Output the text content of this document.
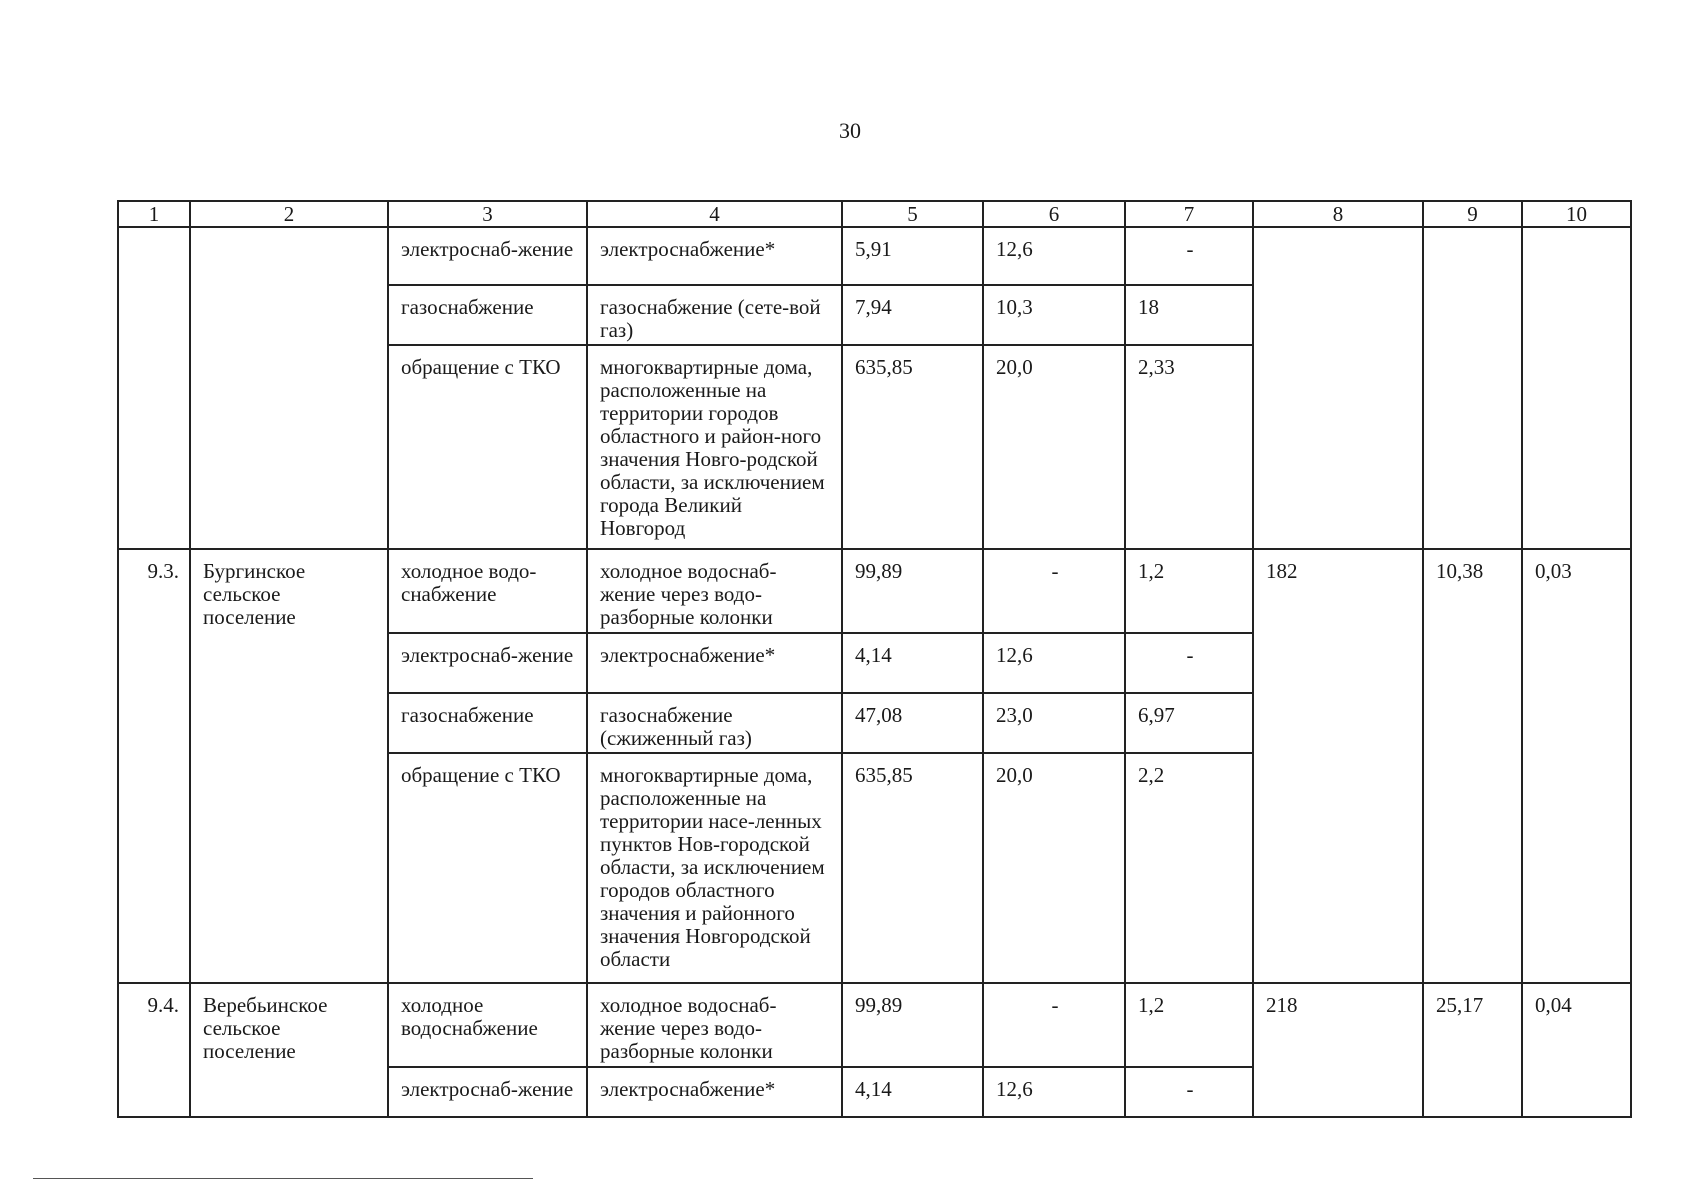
30
1	2	3	4	5	6	7	8	9	10
		электроснаб-жение	электроснабжение*	5,91	12,6	-			
		газоснабжение	газоснабжение (сете-вой газ)	7,94	10,3	18			
		обращение с ТКО	многоквартирные дома, расположенные на территории городов областного и район-ного значения Новго-родской области, за исключением города Великий Новгород	635,85	20,0	2,33			
9.3.	Бургинское сельское поселение	холодное водо-снабжение	холодное водоснаб-жение через водо-разборные колонки	99,89	-	1,2	182	10,38	0,03
		электроснаб-жение	электроснабжение*	4,14	12,6	-			
		газоснабжение	газоснабжение (сжиженный газ)	47,08	23,0	6,97			
		обращение с ТКО	многоквартирные дома, расположенные на территории насе-ленных пунктов Нов-городской области, за исключением городов областного значения и районного значения Новгородской области	635,85	20,0	2,2			
9.4.	Веребьинское сельское поселение	холодное водоснабжение	холодное водоснаб-жение через водо-разборные колонки	99,89	-	1,2	218	25,17	0,04
		электроснаб-жение	электроснабжение*	4,14	12,6	-			
